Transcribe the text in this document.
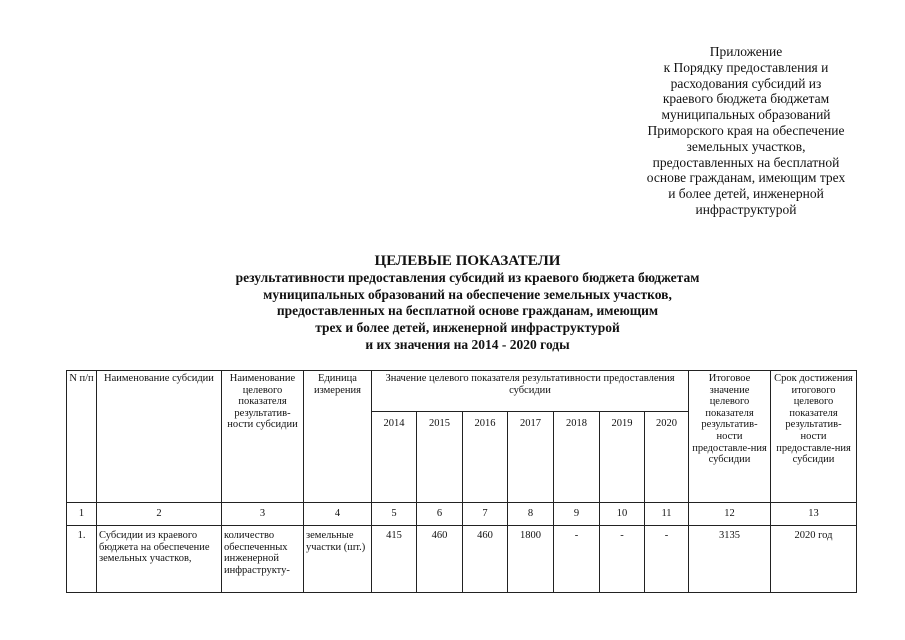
Приложение
к Порядку предоставления и
расходования субсидий из
краевого бюджета бюджетам
муниципальных образований
Приморского края на обеспечение
земельных участков,
предоставленных на бесплатной
основе гражданам, имеющим трех
и более детей, инженерной
инфраструктурой
ЦЕЛЕВЫЕ ПОКАЗАТЕЛИ
результативности предоставления субсидий из краевого бюджета бюджетам
муниципальных образований на обеспечение земельных участков,
предоставленных на бесплатной основе гражданам, имеющим
трех и более детей, инженерной инфраструктурой
и их значения на 2014 - 2020 годы
N п/п	Наименование субсидии	Наименование целевого показателя результатив-ности субсидии	Единица измерения	Значение целевого показателя результативности предоставления субсидии							Итоговое значение целевого показателя результатив-ности предоставле-ния субсидии	Срок достижения итогового целевого показателя результатив-ности предоставле-ния субсидии
				2014	2015	2016	2017	2018	2019	2020		
1	2	3	4	5	6	7	8	9	10	11	12	13
1.	Субсидии из краевого бюджета на обеспечение земельных участков,	количество обеспеченных инженерной инфраструкту-	земельные участки (шт.)	415	460	460	1800	-	-	-	3135	2020 год
